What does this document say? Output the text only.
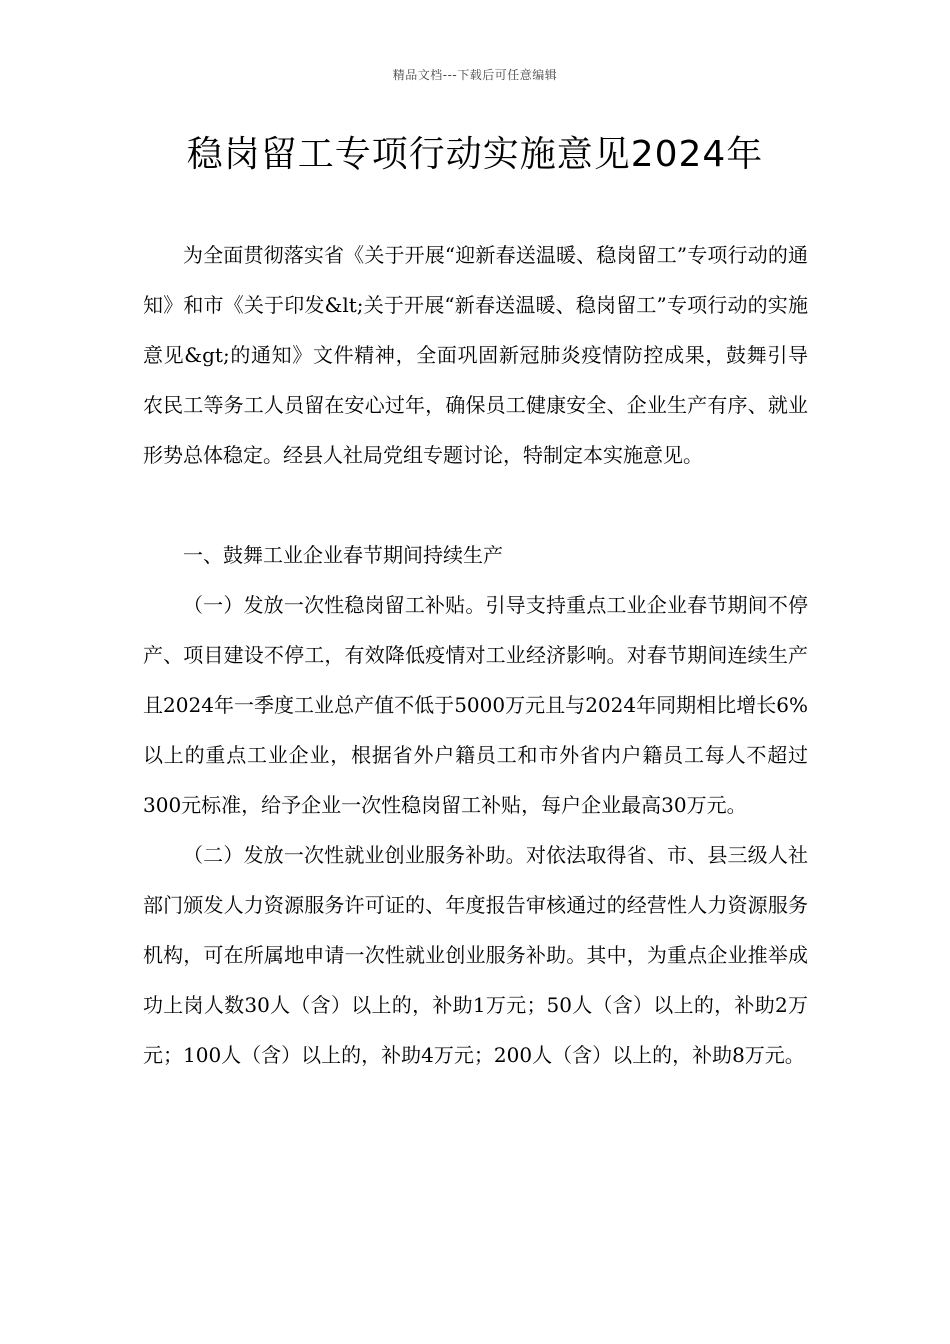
精品文档---下载后可任意编辑
稳岗留工专项行动实施意见2024年

为全面贯彻落实省《关于开展“迎新春送温暖、稳岗留工”专项行动的通知》和市《关于印发&lt;关于开展“新春送温暖、稳岗留工”专项行动的实施意见&gt;的通知》文件精神，全面巩固新冠肺炎疫情防控成果，鼓舞引导农民工等务工人员留在安心过年，确保员工健康安全、企业生产有序、就业形势总体稳定。经县人社局党组专题讨论，特制定本实施意见。

一、鼓舞工业企业春节期间持续生产

（一）发放一次性稳岗留工补贴。引导支持重点工业企业春节期间不停产、项目建设不停工，有效降低疫情对工业经济影响。对春节期间连续生产且2024年一季度工业总产值不低于5000万元且与2024年同期相比增长6%以上的重点工业企业，根据省外户籍员工和市外省内户籍员工每人不超过300元标准，给予企业一次性稳岗留工补贴，每户企业最高30万元。

（二）发放一次性就业创业服务补助。对依法取得省、市、县三级人社部门颁发人力资源服务许可证的、年度报告审核通过的经营性人力资源服务机构，可在所属地申请一次性就业创业服务补助。其中，为重点企业推举成功上岗人数30人（含）以上的，补助1万元；50人（含）以上的，补助2万元；100人（含）以上的，补助4万元；200人（含）以上的，补助8万元。
